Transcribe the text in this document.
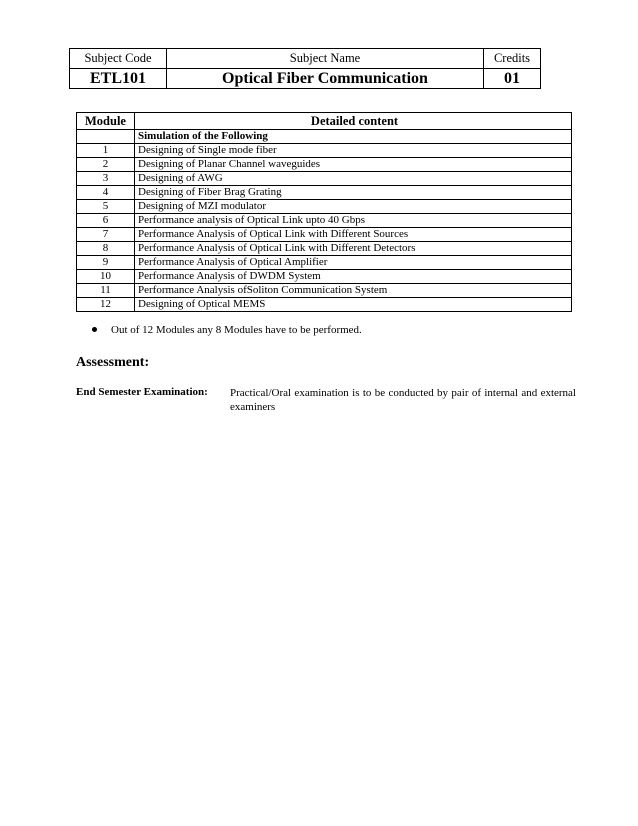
Subject Code	Subject Name	Credits
ETL101	Optical Fiber Communication	01
Module	Detailed content
	Simulation of the Following
1	Designing of Single mode fiber
2	Designing of Planar Channel waveguides
3	Designing of AWG
4	Designing of Fiber Brag Grating
5	Designing of MZI modulator
6	Performance analysis of Optical Link upto 40 Gbps
7	Performance Analysis of Optical Link with Different Sources
8	Performance Analysis of Optical Link with Different Detectors
9	Performance Analysis of Optical Amplifier
10	Performance Analysis of DWDM System
11	Performance Analysis ofSoliton Communication System
12	Designing of Optical MEMS
Out of 12 Modules any 8 Modules have to be performed.
Assessment:
End Semester Examination: Practical/Oral examination is to be conducted by pair of internal and external examiners
